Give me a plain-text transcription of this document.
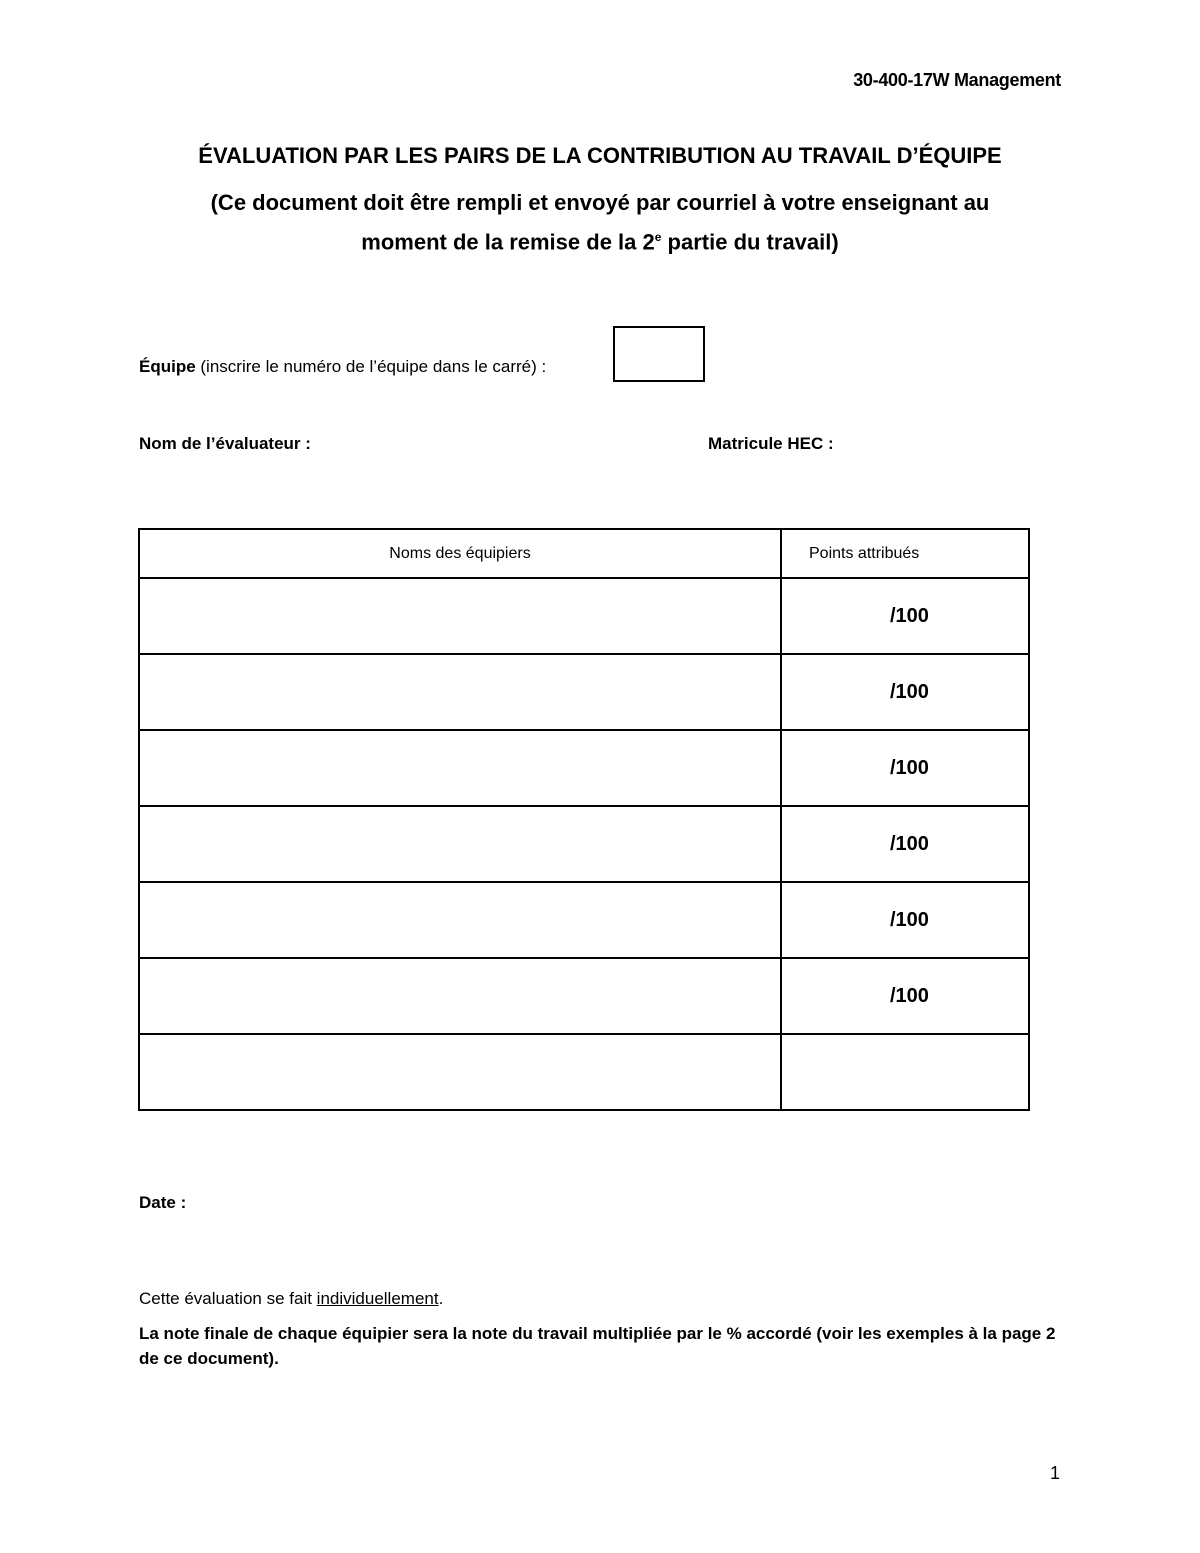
30-400-17W Management
ÉVALUATION PAR LES PAIRS DE LA CONTRIBUTION AU TRAVAIL D’ÉQUIPE
(Ce document doit être rempli et envoyé par courriel à votre enseignant au
moment de la remise de la 2e partie du travail)
Équipe (inscrire le numéro de l’équipe dans le carré) :
Nom de l’évaluateur :	Matricule HEC :
Noms des équipiers	Points attribués
	/100
	/100
	/100
	/100
	/100
	/100

Date :
Cette évaluation se fait individuellement.
La note finale de chaque équipier sera la note du travail multipliée par le % accordé (voir les exemples à la page 2 de ce document).
1
